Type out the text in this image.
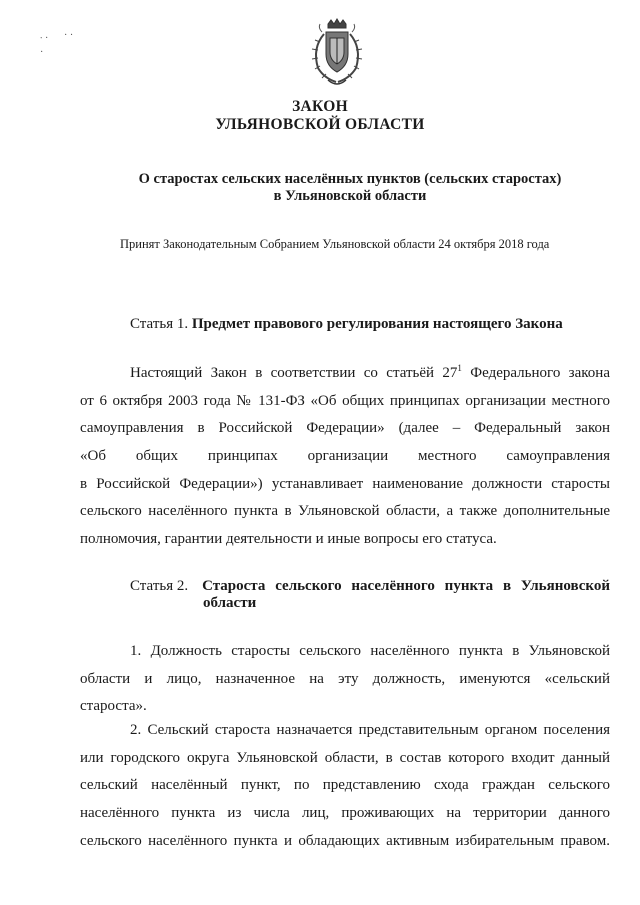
∙ · · ·
·
ЗАКОН
УЛЬЯНОВСКОЙ ОБЛАСТИ
О старостах сельских населённых пунктов (сельских старостах)
в Ульяновской области
Принят Законодательным Собранием Ульяновской области 24 октября 2018 года
Статья 1. Предмет правового регулирования настоящего Закона
Настоящий Закон в соответствии со статьёй $27^1$ Федерального закона
от 6 октября 2003 года № 131-ФЗ «Об общих принципах организации местного
самоуправления в Российской Федерации» (далее – Федеральный закон
«Об общих принципах организации местного самоуправления
в Российской Федерации») устанавливает наименование должности старосты
сельского населённого пункта в Ульяновской области, а также дополнительные
полномочия, гарантии деятельности и иные вопросы его статуса.
Статья 2. Староста сельского населённого пункта в Ульяновской
области
1. Должность старосты сельского населённого пункта в Ульяновской
области и лицо, назначенное на эту должность, именуются «сельский
староста».
2. Сельский староста назначается представительным органом поселения
или городского округа Ульяновской области, в состав которого входит данный
сельский населённый пункт, по представлению схода граждан сельского
населённого пункта из числа лиц, проживающих на территории данного
сельского населённого пункта и обладающих активным избирательным правом.
